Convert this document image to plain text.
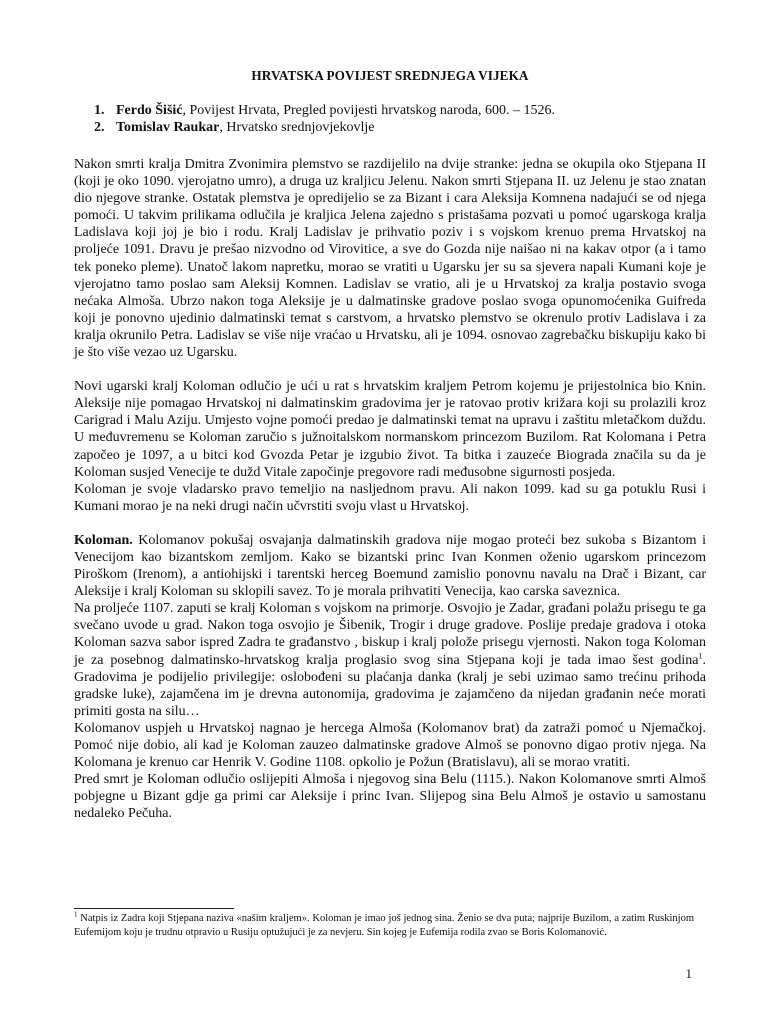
HRVATSKA POVIJEST SREDNJEGA VIJEKA
1. Ferdo Šišić, Povijest Hrvata, Pregled povijesti hrvatskog naroda, 600. – 1526.
2. Tomislav Raukar, Hrvatsko srednjovjekovlje

Nakon smrti kralja Dmitra Zvonimira plemstvo se razdijelilo na dvije stranke: jedna se okupila oko Stjepana II (koji je oko 1090. vjerojatno umro), a druga uz kraljicu Jelenu. Nakon smrti Stjepana II. uz Jelenu je stao znatan dio njegove stranke. Ostatak plemstva je opredijelio se za Bizant i cara Aleksija Komnena nadajući se od njega pomoći. U takvim prilikama odlučila je kraljica Jelena zajedno s pristašama pozvati u pomoć ugarskoga kralja Ladislava koji joj je bio i rodu. Kralj Ladislav je prihvatio poziv i s vojskom krenuo prema Hrvatskoj na proljeće 1091. Dravu je prešao nizvodno od Virovitice, a sve do Gozda nije naišao ni na kakav otpor (a i tamo tek poneko pleme). Unatoč lakom napretku, morao se vratiti u Ugarsku jer su sa sjevera napali Kumani koje je vjerojatno tamo poslao sam Aleksij Komnen. Ladislav se vratio, ali je u Hrvatskoj za kralja postavio svoga nećaka Almoša. Ubrzo nakon toga Aleksije je u dalmatinske gradove poslao svoga opunomoćenika Guifreda koji je ponovno ujedinio dalmatinski temat s carstvom, a hrvatsko plemstvo se okrenulo protiv Ladislava i za kralja okrunilo Petra. Ladislav se više nije vraćao u Hrvatsku, ali je 1094. osnovao zagrebačku biskupiju kako bi je što više vezao uz Ugarsku.

Novi ugarski kralj Koloman odlučio je ući u rat s hrvatskim kraljem Petrom kojemu je prijestolnica bio Knin. Aleksije nije pomagao Hrvatskoj ni dalmatinskim gradovima jer je ratovao protiv križara koji su prolazili kroz Carigrad i Malu Aziju. Umjesto vojne pomoći predao je dalmatinski temat na upravu i zaštitu mletačkom duždu. U međuvremenu se Koloman zaručio s južnoitalskom normanskom princezom Buzilom. Rat Kolomana i Petra započeo je 1097, a u bitci kod Gvozda Petar je izgubio život. Ta bitka i zauzeće Biograda značila su da je Koloman susjed Venecije te dužd Vitale započinje pregovore radi međusobne sigurnosti posjeda.

Koloman je svoje vladarsko pravo temeljio na nasljednom pravu. Ali nakon 1099. kad su ga potuklu Rusi i Kumani morao je na neki drugi način učvrstiti svoju vlast u Hrvatskoj.

Koloman. Kolomanov pokušaj osvajanja dalmatinskih gradova nije mogao proteći bez sukoba s Bizantom i Venecijom kao bizantskom zemljom. Kako se bizantski princ Ivan Konmen oženio ugarskom princezom Piroškom (Irenom), a antiohijski i tarentski herceg Boemund zamislio ponovnu navalu na Drač i Bizant, car Aleksije i kralj Koloman su sklopili savez. To je morala prihvatiti Venecija, kao carska saveznica.

Na proljeće 1107. zaputi se kralj Koloman s vojskom na primorje. Osvojio je Zadar, građani polažu prisegu te ga svečano uvode u grad. Nakon toga osvojio je Šibenik, Trogir i druge gradove. Poslije predaje gradova i otoka Koloman sazva sabor ispred Zadra te građanstvo , biskup i kralj polože prisegu vjernosti. Nakon toga Koloman je za posebnog dalmatinsko-hrvatskog kralja proglasio svog sina Stjepana koji je tada imao šest godina$^1$. Gradovima je podijelio privilegije: oslobođeni su plaćanja danka (kralj je sebi uzimao samo trećinu prihoda gradske luke), zajamčena im je drevna autonomija, gradovima je zajamčeno da nijedan građanin neće morati primiti gosta na silu…

Kolomanov uspjeh u Hrvatskoj nagnao je hercega Almoša (Kolomanov brat) da zatraži pomoć u Njemačkoj. Pomoć nije dobio, ali kad je Koloman zauzeo dalmatinske gradove Almoš se ponovno digao protiv njega. Na Kolomana je krenuo car Henrik V. Godine 1108. opkolio je Požun (Bratislavu), ali se morao vratiti.

Pred smrt je Koloman odlučio oslijepiti Almoša i njegovog sina Belu (1115.). Nakon Kolomanove smrti Almoš pobjegne u Bizant gdje ga primi car Aleksije i princ Ivan. Slijepog sina Belu Almoš je ostavio u samostanu nedaleko Pečuha.

$^1$ Natpis iz Zadra koji Stjepana naziva «našim kraljem». Koloman je imao još jednog sina. Ženio se dva puta; najprije Buzilom, a zatim Ruskinjom Eufemijom koju je trudnu otpravio u Rusiju optužujući je za nevjeru. Sin kojeg je Eufemija rodila zvao se Boris Kolomanović.
1
